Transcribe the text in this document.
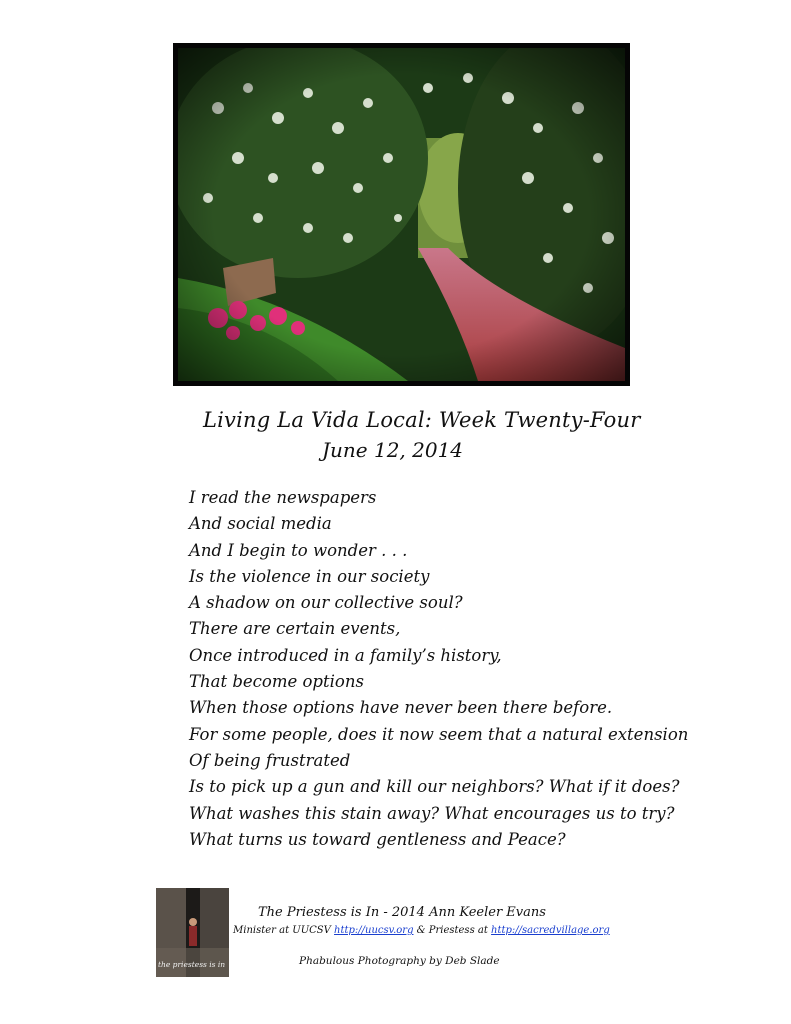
Living La Vida Local: Week Twenty-Four
June 12, 2014
I read the newspapers
And social media
And I begin to wonder . . .
Is the violence in our society
A shadow on our collective soul?
There are certain events,
Once introduced in a family’s history,
That become options
When those options have never been there before.
For some people, does it now seem that a natural extension
Of being frustrated
Is to pick up a gun and kill our neighbors? What if it does?
What washes this stain away? What encourages us to try?
What turns us toward gentleness and Peace?
the priestess is in
The Priestess is In - 2014 Ann Keeler Evans
Minister at UUCSV http://uucsv.org & Priestess at http://sacredvillage.org
Phabulous Photography by Deb Slade
